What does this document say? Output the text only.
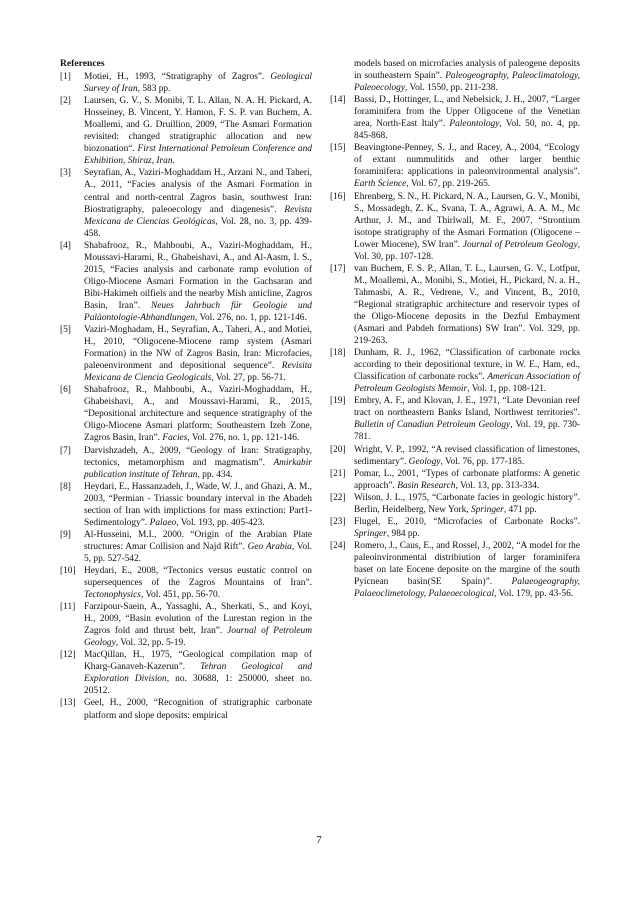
References
[1]	Motiei, H., 1993, “Stratigraphy of Zagros”. Geological Survey of Iran, 583 pp.
[2]	Laursen, G. V., S. Monibi, T. L. Allan, N. A. H. Pickard, A. Hosseiney, B. Vincent, Y. Hamon, F. S. P. van Buchem, A. Moallemi, and G. Druillion, 2009, “The Asmari Formation revisited: changed stratigraphic allocation and new biozonation“. First International Petroleum Conference and Exhibition, Shiraz, Iran.
[3]	Seyrafian, A., Vaziri-Moghaddam H., Arzani N., and Taheri, A., 2011, “Facies analysis of the Asmari Formation in central and north-central Zagros basin, southwest Iran: Biostratigraphy, paleoecology and diagenesis”. Revista Mexicana de Ciencias Geológicas, Vol. 28, no. 3, pp. 439-458.
[4]	Shabafrooz, R., Mahboubi, A., Vaziri-Moghaddam, H., Moussavi-Harami, R., Ghabeishavi, A., and Al-Aasm, I. S., 2015, “Facies analysis and carbonate ramp evolution of Oligo-Miocene Asmari Formation in the Gachsaran and Bibi-Hakimeh oilfiels and the nearby Mish anticline, Zagros Basin, Iran”. Neues Jahrbuch für Geologie und Paläontologie-Abhandlungen, Vol. 276, no. 1, pp. 121-146.
[5]	Vaziri-Moghadam, H., Seyrafian, A., Taheri, A., and Motiei, H., 2010, “Oligocene-Miocene ramp system (Asmari Formation) in the NW of Zagros Basin, Iran: Microfacies, paleoenvironment and depositional sequence”. Revisita Mexicana de Ciencia Geologicals, Vol. 27, pp. 56-71.
[6]	Shabafrooz, R., Mahboubi, A., Vaziri-Moghaddam, H., Ghabeishavi, A., and Moussavi-Harami, R., 2015, “Depositional architecture and sequence stratigraphy of the Oligo-Miocene Asmari platform; Southeastern Izeh Zone, Zagros Basin, Iran”. Facies, Vol. 276, no. 1, pp. 121-146.
[7]	Darvishzadeh, A., 2009, “Geology of Iran: Stratigraphy, tectonics, metamorphism and magmatism”. Amirkabir publication institute of Tehran, pp. 434.
[8]	Heydari, E., Hassanzadeh, J., Wade, W. J., and Ghazi, A. M., 2003, “Permian - Triassic boundary interval in the Abadeh section of Iran with implictions for mass extinction: Part1-Sedimentology”. Palaeo, Vol. 193, pp. 405-423.
[9]	Al-Husseini, M.I., 2000. “Origin of the Arabian Plate structures: Amar Collision and Najd Rift”. Geo Arabia, Vol. 5, pp. 527-542.
[10] Heydari, E., 2008, “Tectonics versus eustatic control on supersequences of the Zagros Mountains of Iran”. Tectonophysics, Vol. 451, pp. 56-70.
[11] Farzipour-Saein, A., Yassaghi, A., Sherkati, S., and Koyi, H., 2009, “Basin evolution of the Lurestan region in the Zagros fold and thrust belt, Iran”. Journal of Petroleum Geology, Vol. 32, pp. 5-19.
[12] MacQillan, H., 1975, “Geological compilation map of Kharg-Ganaveh-Kazerun”. Tehran Geological and Exploration Division, no. 30688, 1: 250000, sheet no. 20512.
[13] Geel, H., 2000, “Recognition of stratigraphic carbonate platform and slope deposits: empirical
models based on microfacies analysis of paleogene deposits in southeastern Spain”. Paleogeography, Paleoclimatology, Paleoecology, Vol. 1550, pp. 211-238.
[14] Bassi, D., Hottinger, L., and Nebelsick, J. H., 2007, “Larger foraminifera from the Upper Oligocene of the Venetian area, North-East Italy”. Paleontology, Vol. 50, no. 4, pp. 845-868.
[15] Beavingtone-Penney, S. J., and Racey, A., 2004, “Ecology of extant nummulitids and other larger benthic foraminifera: applications in paleonvironmental analysis”. Earth Science, Vol. 67, pp. 219-265.
[16] Ehrenberg, S. N., H. Pickard, N. A., Laursen, G. V., Monibi, S., Mossadegh, Z. K., Svana, T. A., Agrawi, A. A. M., Mc Arthur, J. M., and Thirlwall, M. F., 2007, “Strontium isotope stratigraphy of the Asmari Formation (Oligocene – Lower Miocene), SW Iran”. Journal of Petroleum Geology, Vol. 30, pp. 107-128.
[17] van Buchem, F. S. P., Allan, T. L., Laursen, G. V., Lotfpur, M., Moallemi, A., Monibi, S., Motiei, H., Pickard, N. a. H., Tahmasbi, A. R., Vedrene, V., and Vincent, B., 2010, “Regional stratigraphic architecture and reservoir types of the Oligo-Miocene deposits in the Dezful Embayment (Asmari and Pabdeh formations) SW Iran”. Vol. 329, pp. 219-263.
[18] Dunham, R. J., 1962, “Classification of carbonate rocks according to their depositional texture, in W. E., Ham, ed., Classification of carbonate rocks”. American Association of Petroleum Geologists Memoir, Vol. 1, pp. 108-121.
[19] Embry, A. F., and Klovan, J. E., 1971, “Late Devonian reef tract on northeastern Banks Island, Northwest territories”. Bulletin of Canadian Petroleum Geology, Vol. 19, pp. 730-781.
[20] Wright, V. P., 1992, “A revised classification of limestones, sedimentary”. Geology, Vol. 76, pp. 177-185.
[21] Pomar, L., 2001, “Types of carbonate platforms: A genetic approach”. Basin Research, Vol. 13, pp. 313-334.
[22] Wilson, J. L., 1975, “Carbonate facies in geologic history”. Berlin, Heidelberg, New York, Springer, 471 pp.
[23] Flugel, E., 2010, “Microfacies of Carbonate Rocks”. Springer, 984 pp.
[24] Romero, J., Caus, E., and Rossel, J., 2002, “A model for the paleoinvironmental distribiution of larger foraminifera baset on late Eocene deposite on the margine of the south Pyicnean basin(SE Spain)”. Palaeogeography, Palaeoclimetology, Palaeoecological, Vol. 179, pp. 43-56.
7
